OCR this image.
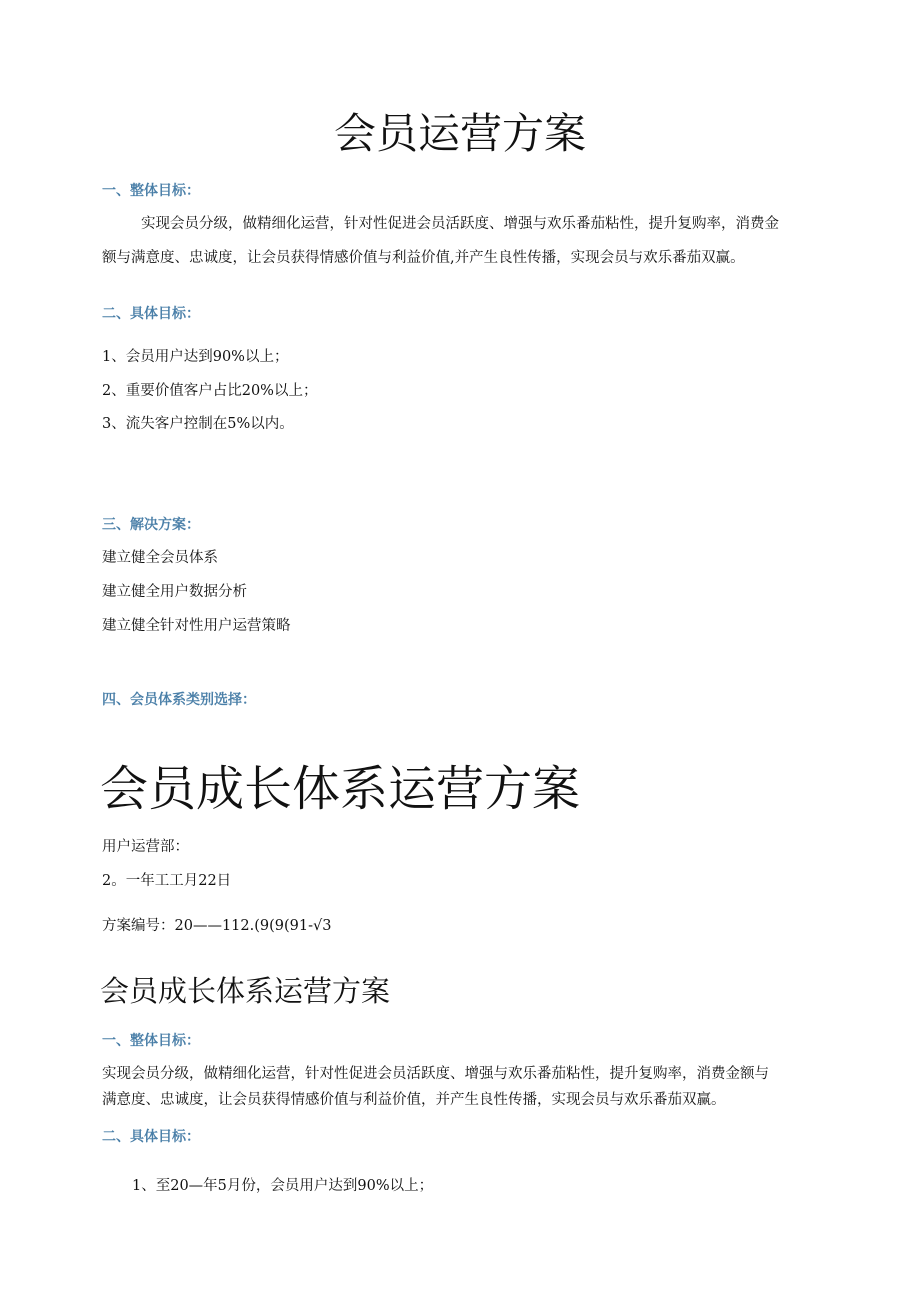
会员运营方案
一、整体目标：
实现会员分级，做精细化运营，针对性促进会员活跃度、增强与欢乐番茄粘性，提升复购率，消费金
额与满意度、忠诚度，让会员获得情感价值与利益价值,并产生良性传播，实现会员与欢乐番茄双赢。
二、具体目标：
1、会员用户达到90%以上；
2、重要价值客户占比20%以上；
3、流失客户控制在5%以内。
三、解决方案：
建立健全会员体系
建立健全用户数据分析
建立健全针对性用户运营策略
四、会员体系类别选择：
会员成长体系运营方案
用户运营部：
2。一年工工月22日
方案编号：20——112.(9(9(91-√3
会员成长体系运营方案
一、整体目标：
实现会员分级，做精细化运营，针对性促进会员活跃度、增强与欢乐番茄粘性，提升复购率，消费金额与
满意度、忠诚度，让会员获得情感价值与利益价值，并产生良性传播，实现会员与欢乐番茄双赢。
二、具体目标：
1、至20—年5月份，会员用户达到90%以上；
